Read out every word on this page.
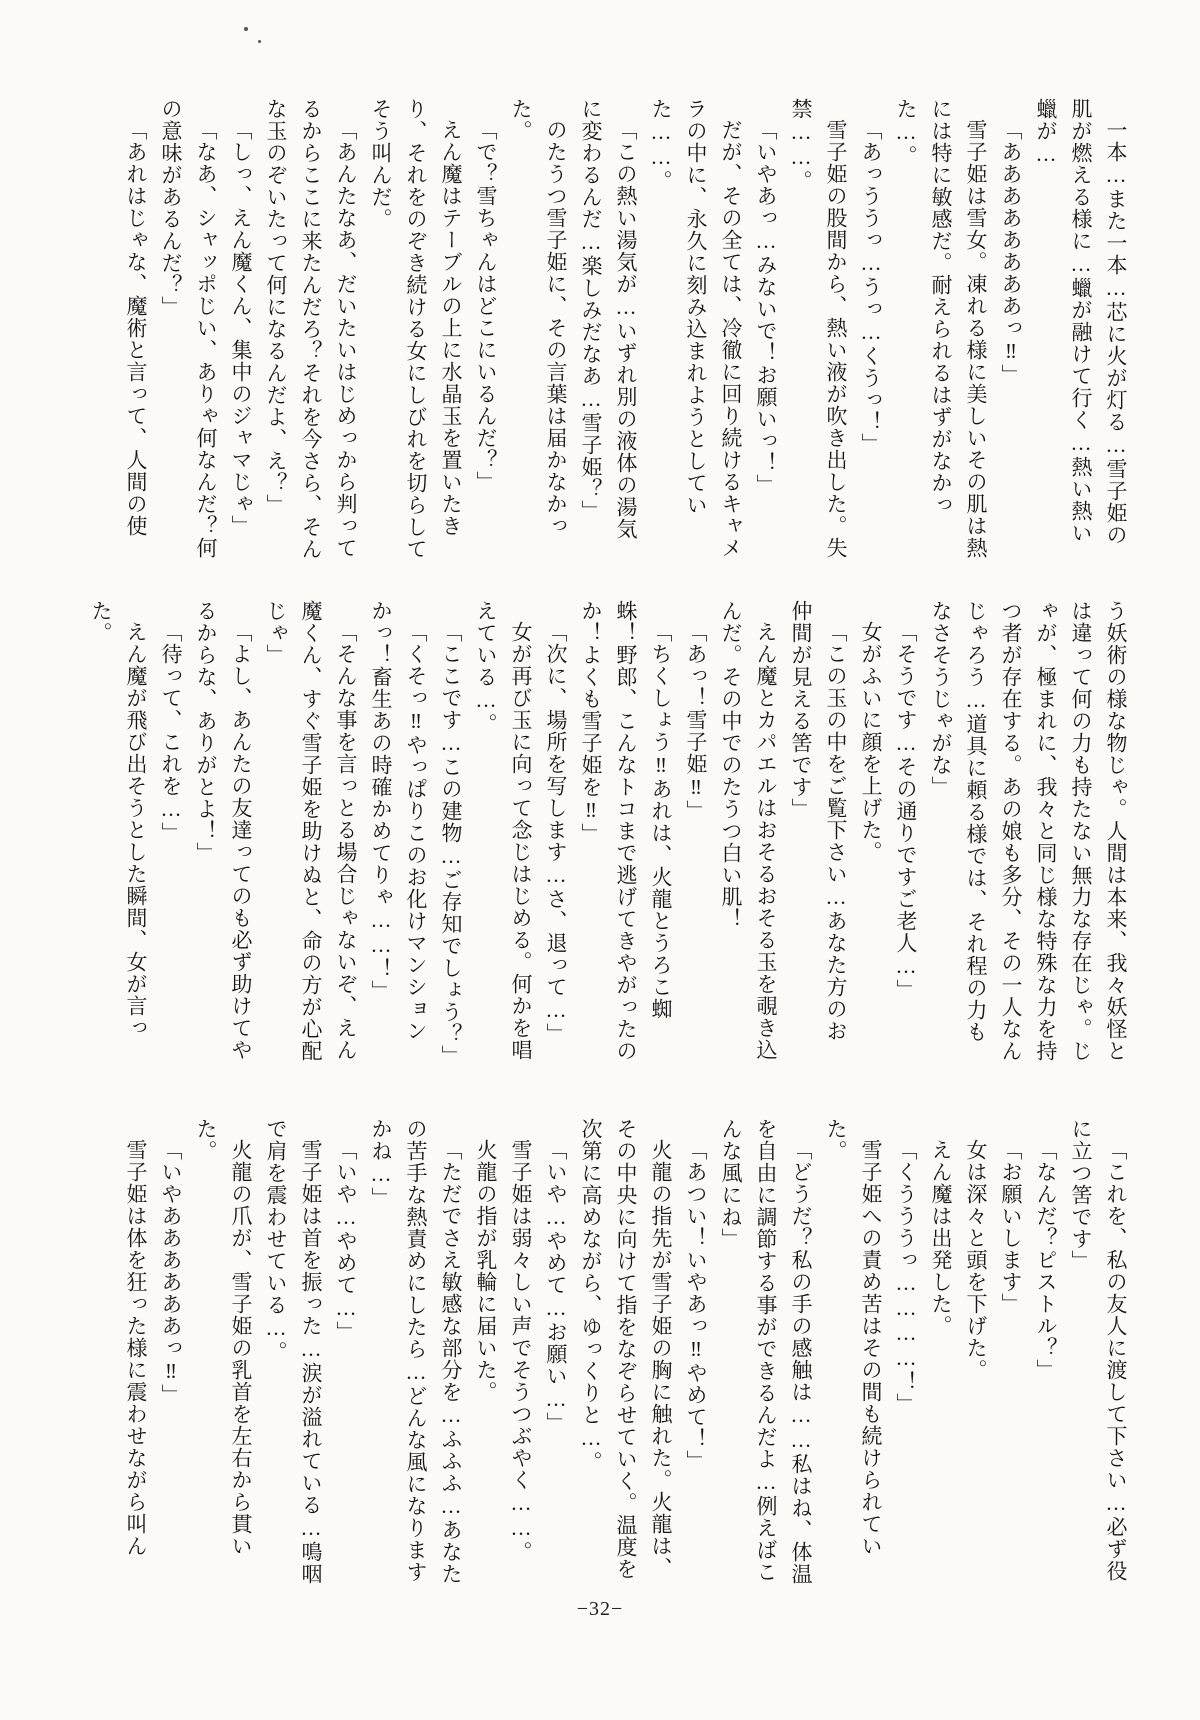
一本…また一本…芯に火が灯る…雪子姫の肌が燃える様に…蠟が融けて行く…熱い熱い蠟が…

「ああああああああっ‼」

雪子姫は雪女。凍れる様に美しいその肌は熱には特に敏感だ。耐えられるはずがなかった…。

「あっううっ…うっ…くうっ！」

雪子姫の股間から、熱い液が吹き出した。失禁……。

「いやあっ…みないで！お願いっ！」

だが、その全ては、冷徹に回り続けるキャメラの中に、永久に刻み込まれようとしていた……。

「この熱い湯気が…いずれ別の液体の湯気に変わるんだ…楽しみだなあ…雪子姫？」

のたうつ雪子姫に、その言葉は届かなかった。

「で？雪ちゃんはどこにいるんだ？」

えん魔はテーブルの上に水晶玉を置いたきり、それをのぞき続ける女にしびれを切らしてそう叫んだ。

「あんたなあ、だいたいはじめっから判ってるからここに来たんだろ？それを今さら、そんな玉のぞいたって何になるんだよ、え？」

「しっ、えん魔くん、集中のジャマじゃ」

「なあ、シャッポじい、ありゃ何なんだ？何の意味があるんだ？」

「あれはじゃな、魔術と言って、人間の使

う妖術の様な物じゃ。人間は本来、我々妖怪とは違って何の力も持たない無力な存在じゃ。じゃが、極まれに、我々と同じ様な特殊な力を持つ者が存在する。あの娘も多分、その一人なんじゃろう…道具に頼る様では、それ程の力もなさそうじゃがな」

「そうです…その通りですご老人…」

女がふいに顔を上げた。

「この玉の中をご覧下さい…あなた方のお仲間が見える筈です」

えん魔とカパエルはおそるおそる玉を覗き込んだ。その中でのたうつ白い肌！

「あっ！雪子姫‼」

「ちくしょう‼あれは、火龍とうろこ蜘蛛！野郎、こんなトコまで逃げてきやがったのか！よくも雪子姫を‼」

「次に、場所を写します…さ、退って…」

女が再び玉に向って念じはじめる。何かを唱えている…。

「ここです…この建物…ご存知でしょう？」

「くそっ‼やっぱりこのお化けマンションかっ！畜生あの時確かめてりゃ……！」

「そんな事を言っとる場合じゃないぞ、えん魔くん、すぐ雪子姫を助けぬと、命の方が心配じゃ」

「よし、あんたの友達ってのも必ず助けてやるからな、ありがとよ！」

「待って、これを…」

えん魔が飛び出そうとした瞬間、女が言った。

「これを、私の友人に渡して下さい…必ず役に立つ筈です」

「なんだ？ピストル？」

「お願いします」

女は深々と頭を下げた。

えん魔は出発した。

「くうううっ…………！」

雪子姫への責め苦はその間も続けられていた。

「どうだ？私の手の感触は……私はね、体温を自由に調節する事ができるんだよ…例えばこんな風にね」

「あつい！いやあっ‼やめて！」

火龍の指先が雪子姫の胸に触れた。火龍は、その中央に向けて指をなぞらせていく。温度を次第に高めながら、ゆっくりと…。

「いや…やめて…お願い…」

雪子姫は弱々しい声でそうつぶやく……。

火龍の指が乳輪に届いた。

「ただでさえ敏感な部分を…ふふふ…あなたの苦手な熱責めにしたら…どんな風になりますかね…」

「いや…やめて…」

雪子姫は首を振った…涙が溢れている…鳴咽で肩を震わせている…。

火龍の爪が、雪子姫の乳首を左右から貫いた。

「いやああああああっ‼」

雪子姫は体を狂った様に震わせながら叫ん

−32−
